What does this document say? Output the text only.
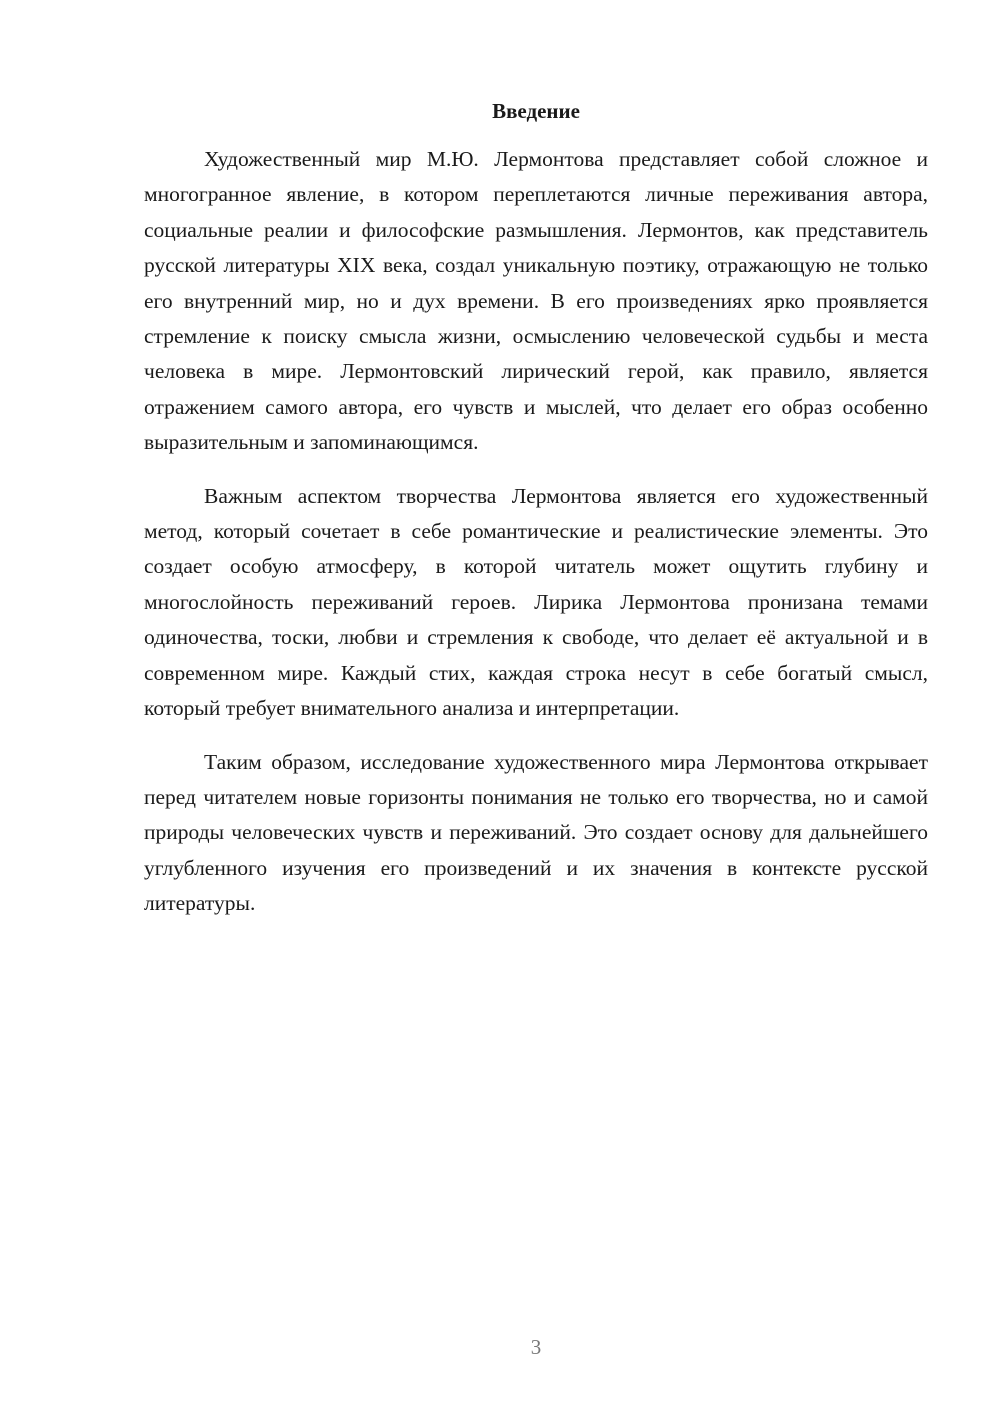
Введение

Художественный мир М.Ю. Лермонтова представляет собой сложное и многогранное явление, в котором переплетаются личные переживания автора, социальные реалии и философские размышления. Лермонтов, как представитель русской литературы XIX века, создал уникальную поэтику, отражающую не только его внутренний мир, но и дух времени. В его произведениях ярко проявляется стремление к поиску смысла жизни, осмыслению человеческой судьбы и места человека в мире. Лермонтовский лирический герой, как правило, является отражением самого автора, его чувств и мыслей, что делает его образ особенно выразительным и запоминающимся.

Важным аспектом творчества Лермонтова является его художественный метод, который сочетает в себе романтические и реалистические элементы. Это создает особую атмосферу, в которой читатель может ощутить глубину и многослойность переживаний героев. Лирика Лермонтова пронизана темами одиночества, тоски, любви и стремления к свободе, что делает её актуальной и в современном мире. Каждый стих, каждая строка несут в себе богатый смысл, который требует внимательного анализа и интерпретации.

Таким образом, исследование художественного мира Лермонтова открывает перед читателем новые горизонты понимания не только его творчества, но и самой природы человеческих чувств и переживаний. Это создает основу для дальнейшего углубленного изучения его произведений и их значения в контексте русской литературы.

3
